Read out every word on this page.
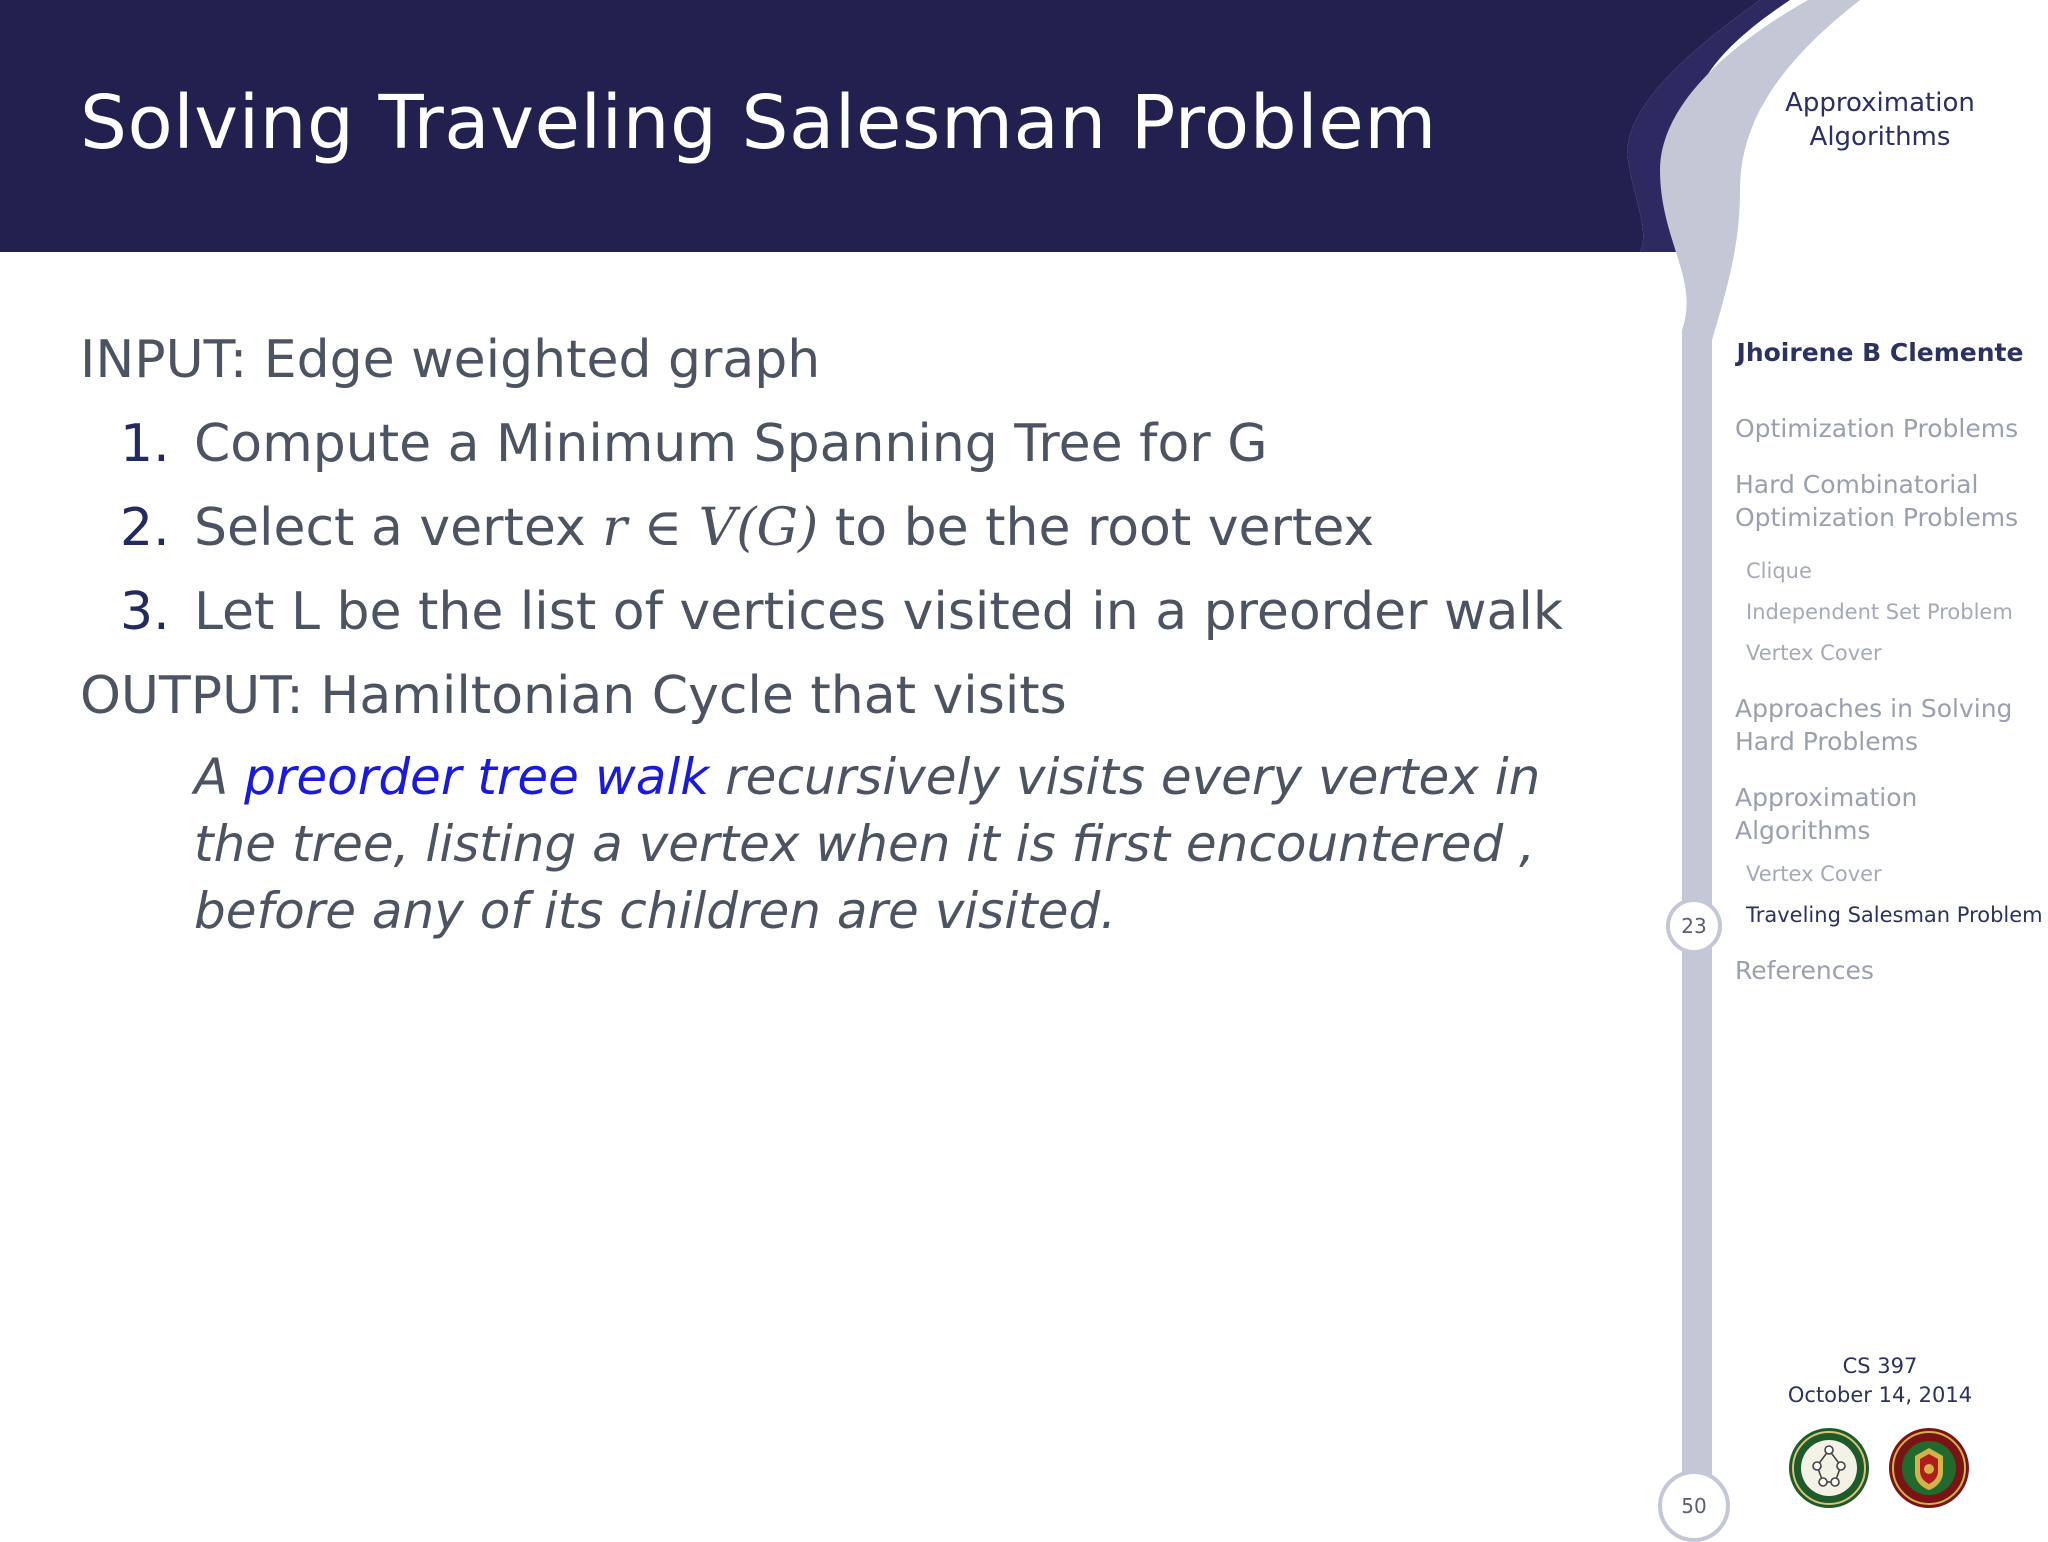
Solving Traveling Salesman Problem
INPUT: Edge weighted graph
1. Compute a Minimum Spanning Tree for G
2. Select a vertex r ∈ V(G) to be the root vertex
3. Let L be the list of vertices visited in a preorder walk
OUTPUT: Hamiltonian Cycle that visits
A preorder tree walk recursively visits every vertex in the tree, listing a vertex when it is first encountered , before any of its children are visited.
Approximation
Algorithms
Jhoirene B Clemente
Optimization Problems
Hard Combinatorial
Optimization Problems
Clique
Independent Set Problem
Vertex Cover
Approaches in Solving
Hard Problems
Approximation
Algorithms
Vertex Cover
Traveling Salesman Problem
References
23
50
CS 397
October 14, 2014
